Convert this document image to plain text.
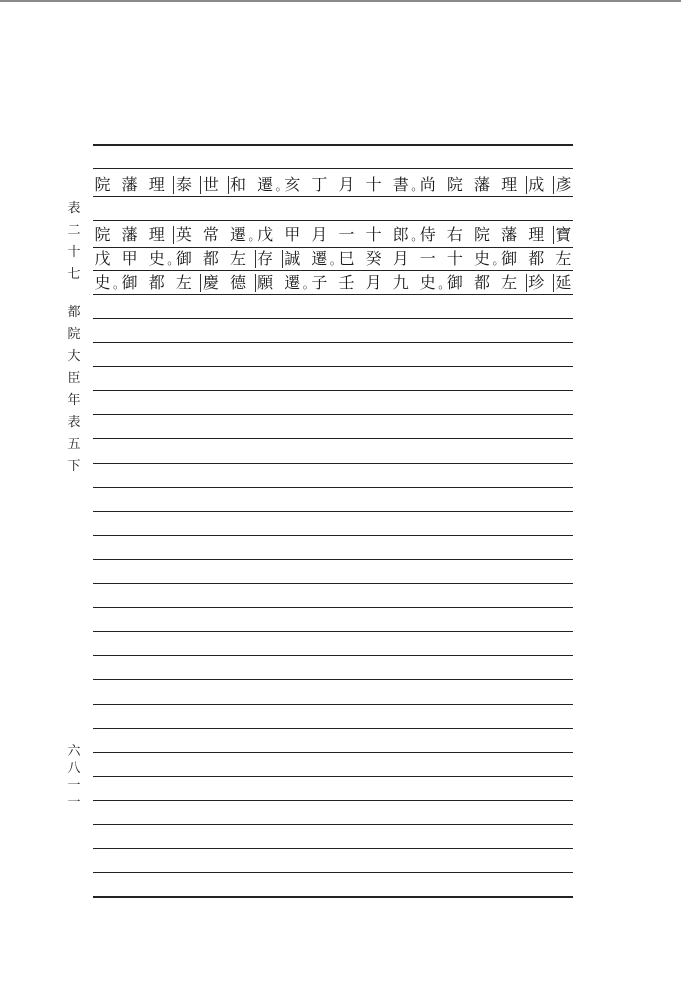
表
二
十
七
都
院
大
臣
年
表
五
下
六
八
一
一
院 藩 理 泰 世 和 遷 。 亥 丁 月 十 書 。 尚 院 藩 理 成 彥
院 藩 理 英 常 遷 。 戊 甲 月 一 十 郎 。 侍 右 院 藩 理 寶
戊 甲 史 。 御 都 左 存 誠 遷 。 巳 癸 月 一 十 史 。 御 都 左
史 。 御 都 左 慶 德 願 遷 。 子 壬 月 九 史 。 御 都 左 珍 延
